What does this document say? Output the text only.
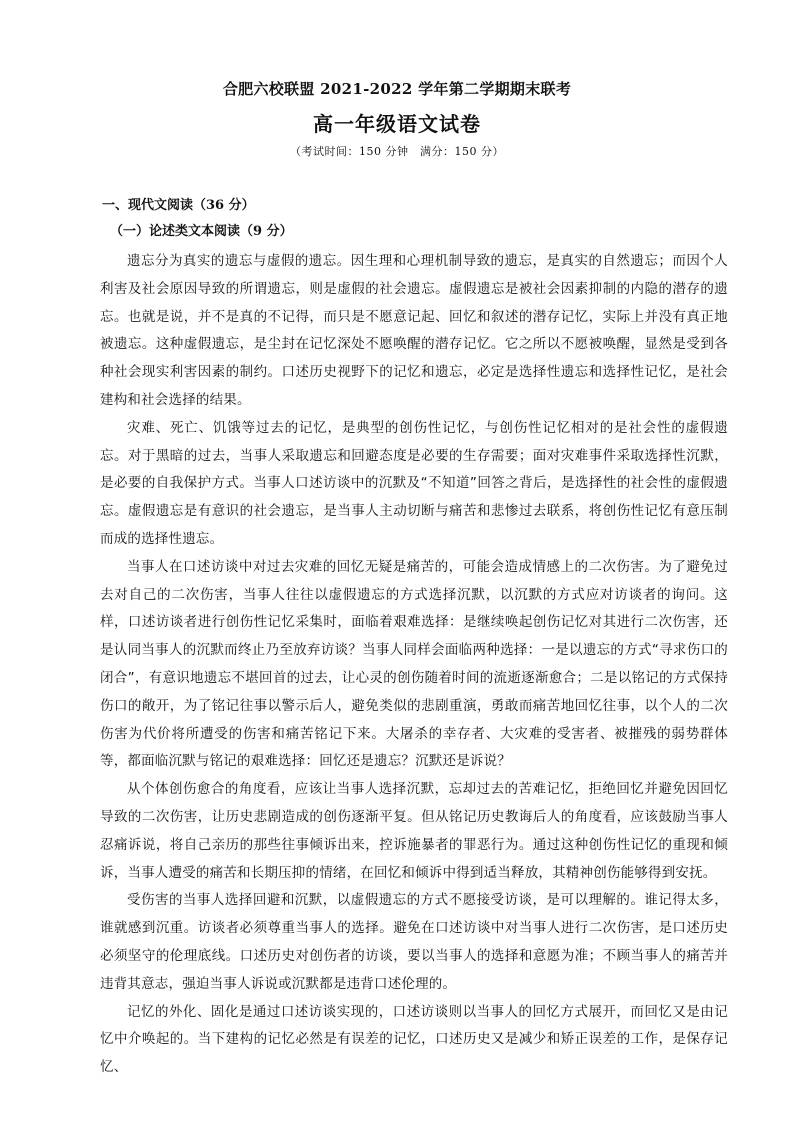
合肥六校联盟 2021-2022 学年第二学期期末联考
高一年级语文试卷
（考试时间：150 分钟　满分：150 分）
一、现代文阅读（36 分）
（一）论述类文本阅读（9 分）

遗忘分为真实的遗忘与虚假的遗忘。因生理和心理机制导致的遗忘，是真实的自然遗忘；而因个人利害及社会原因导致的所谓遗忘，则是虚假的社会遗忘。虚假遗忘是被社会因素抑制的内隐的潜存的遗忘。也就是说，并不是真的不记得，而只是不愿意记起、回忆和叙述的潜存记忆，实际上并没有真正地被遗忘。这种虚假遗忘，是尘封在记忆深处不愿唤醒的潜存记忆。它之所以不愿被唤醒，显然是受到各种社会现实利害因素的制约。口述历史视野下的记忆和遗忘，必定是选择性遗忘和选择性记忆，是社会建构和社会选择的结果。

灾难、死亡、饥饿等过去的记忆，是典型的创伤性记忆，与创伤性记忆相对的是社会性的虚假遗忘。对于黑暗的过去，当事人采取遗忘和回避态度是必要的生存需要；面对灾难事件采取选择性沉默，是必要的自我保护方式。当事人口述访谈中的沉默及“不知道”回答之背后，是选择性的社会性的虚假遗忘。虚假遗忘是有意识的社会遗忘，是当事人主动切断与痛苦和悲惨过去联系，将创伤性记忆有意压制而成的选择性遗忘。

当事人在口述访谈中对过去灾难的回忆无疑是痛苦的，可能会造成情感上的二次伤害。为了避免过去对自己的二次伤害，当事人往往以虚假遗忘的方式选择沉默，以沉默的方式应对访谈者的询问。这样，口述访谈者进行创伤性记忆采集时，面临着艰难选择：是继续唤起创伤记忆对其进行二次伤害，还是认同当事人的沉默而终止乃至放弃访谈？当事人同样会面临两种选择：一是以遗忘的方式“寻求伤口的闭合”，有意识地遗忘不堪回首的过去，让心灵的创伤随着时间的流逝逐渐愈合；二是以铭记的方式保持伤口的敞开，为了铭记往事以警示后人，避免类似的悲剧重演，勇敢而痛苦地回忆往事，以个人的二次伤害为代价将所遭受的伤害和痛苦铭记下来。大屠杀的幸存者、大灾难的受害者、被摧残的弱势群体等，都面临沉默与铭记的艰难选择：回忆还是遗忘？沉默还是诉说？

从个体创伤愈合的角度看，应该让当事人选择沉默，忘却过去的苦难记忆，拒绝回忆并避免因回忆导致的二次伤害，让历史悲剧造成的创伤逐渐平复。但从铭记历史教诲后人的角度看，应该鼓励当事人忍痛诉说，将自己亲历的那些往事倾诉出来，控诉施暴者的罪恶行为。通过这种创伤性记忆的重现和倾诉，当事人遭受的痛苦和长期压抑的情绪，在回忆和倾诉中得到适当释放，其精神创伤能够得到安抚。

受伤害的当事人选择回避和沉默，以虚假遗忘的方式不愿接受访谈，是可以理解的。谁记得太多，谁就感到沉重。访谈者必须尊重当事人的选择。避免在口述访谈中对当事人进行二次伤害，是口述历史必须坚守的伦理底线。口述历史对创伤者的访谈，要以当事人的选择和意愿为准；不顾当事人的痛苦并违背其意志，强迫当事人诉说或沉默都是违背口述伦理的。

记忆的外化、固化是通过口述访谈实现的，口述访谈则以当事人的回忆方式展开，而回忆又是由记忆中介唤起的。当下建构的记忆必然是有误差的记忆，口述历史又是减少和矫正误差的工作，是保存记忆、
